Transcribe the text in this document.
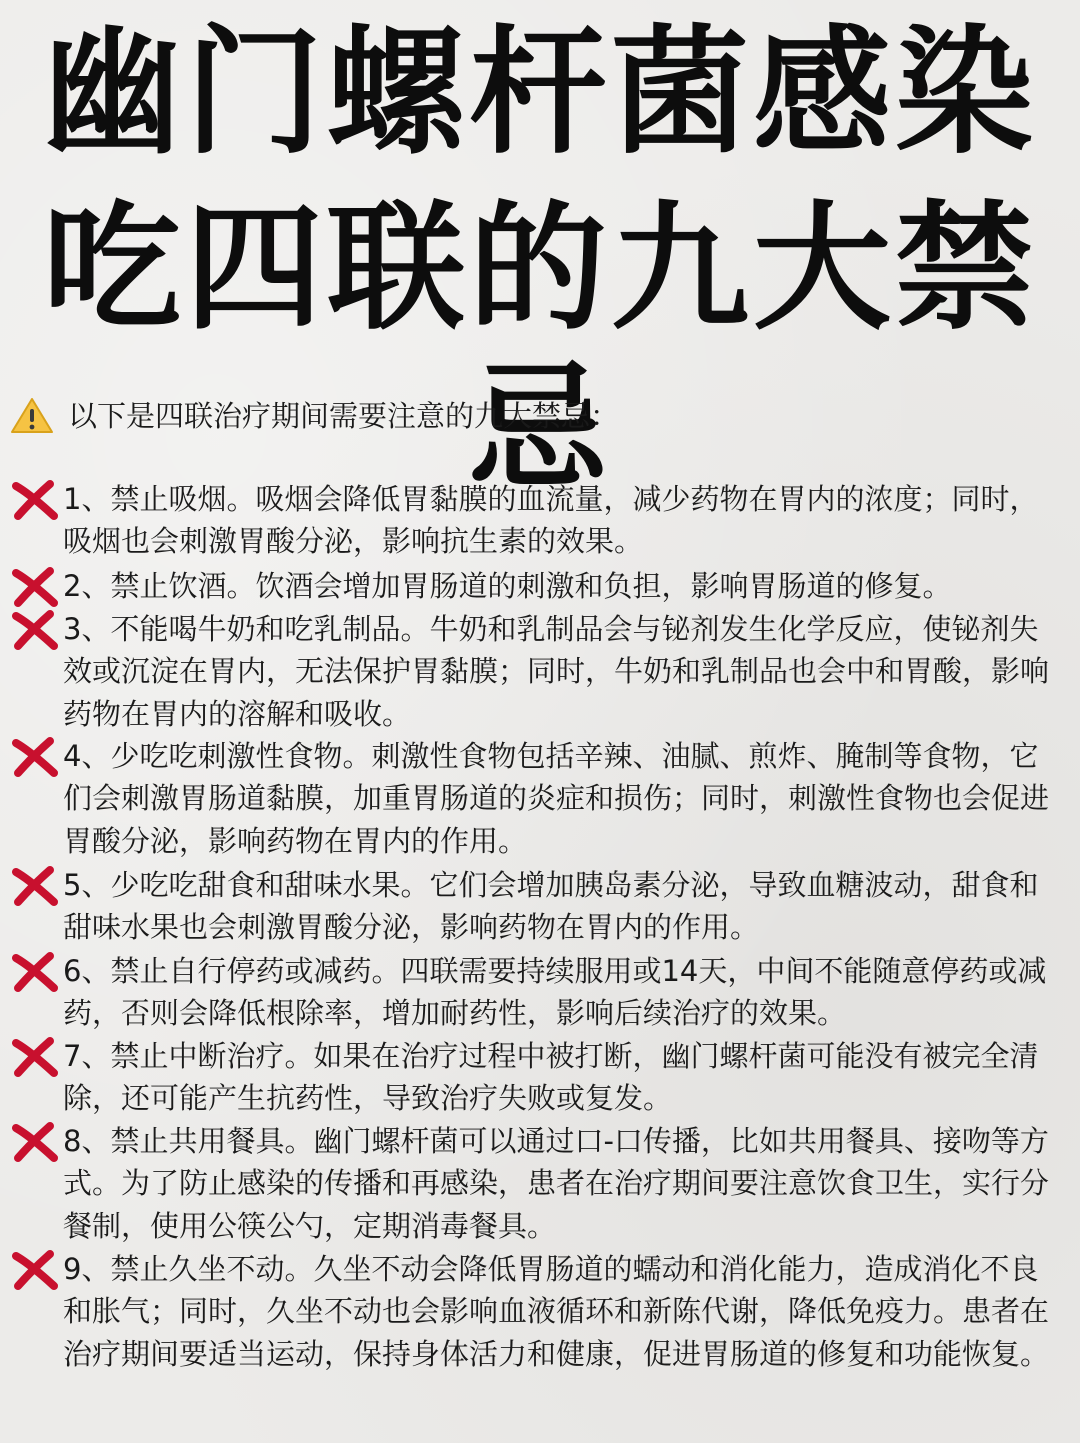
幽门螺杆菌感染
吃四联的九大禁忌
以下是四联治疗期间需要注意的九大禁忌：
1、禁止吸烟。吸烟会降低胃黏膜的血流量，减少药物在胃内的浓度；同时，吸烟也会刺激胃酸分泌，影响抗生素的效果。
2、禁止饮酒。饮酒会增加胃肠道的刺激和负担，影响胃肠道的修复。
3、不能喝牛奶和吃乳制品。牛奶和乳制品会与铋剂发生化学反应，使铋剂失效或沉淀在胃内，无法保护胃黏膜；同时，牛奶和乳制品也会中和胃酸，影响药物在胃内的溶解和吸收。
4、少吃吃刺激性食物。刺激性食物包括辛辣、油腻、煎炸、腌制等食物，它们会刺激胃肠道黏膜，加重胃肠道的炎症和损伤；同时，刺激性食物也会促进胃酸分泌，影响药物在胃内的作用。
5、少吃吃甜食和甜味水果。它们会增加胰岛素分泌，导致血糖波动，甜食和甜味水果也会刺激胃酸分泌，影响药物在胃内的作用。
6、禁止自行停药或减药。四联需要持续服用或14天，中间不能随意停药或减药，否则会降低根除率，增加耐药性，影响后续治疗的效果。
7、禁止中断治疗。如果在治疗过程中被打断，幽门螺杆菌可能没有被完全清除，还可能产生抗药性，导致治疗失败或复发。
8、禁止共用餐具。幽门螺杆菌可以通过口-口传播，比如共用餐具、接吻等方式。为了防止感染的传播和再感染，患者在治疗期间要注意饮食卫生，实行分餐制，使用公筷公勺，定期消毒餐具。
9、禁止久坐不动。久坐不动会降低胃肠道的蠕动和消化能力，造成消化不良和胀气；同时，久坐不动也会影响血液循环和新陈代谢，降低免疫力。患者在治疗期间要适当运动，保持身体活力和健康，促进胃肠道的修复和功能恢复。
